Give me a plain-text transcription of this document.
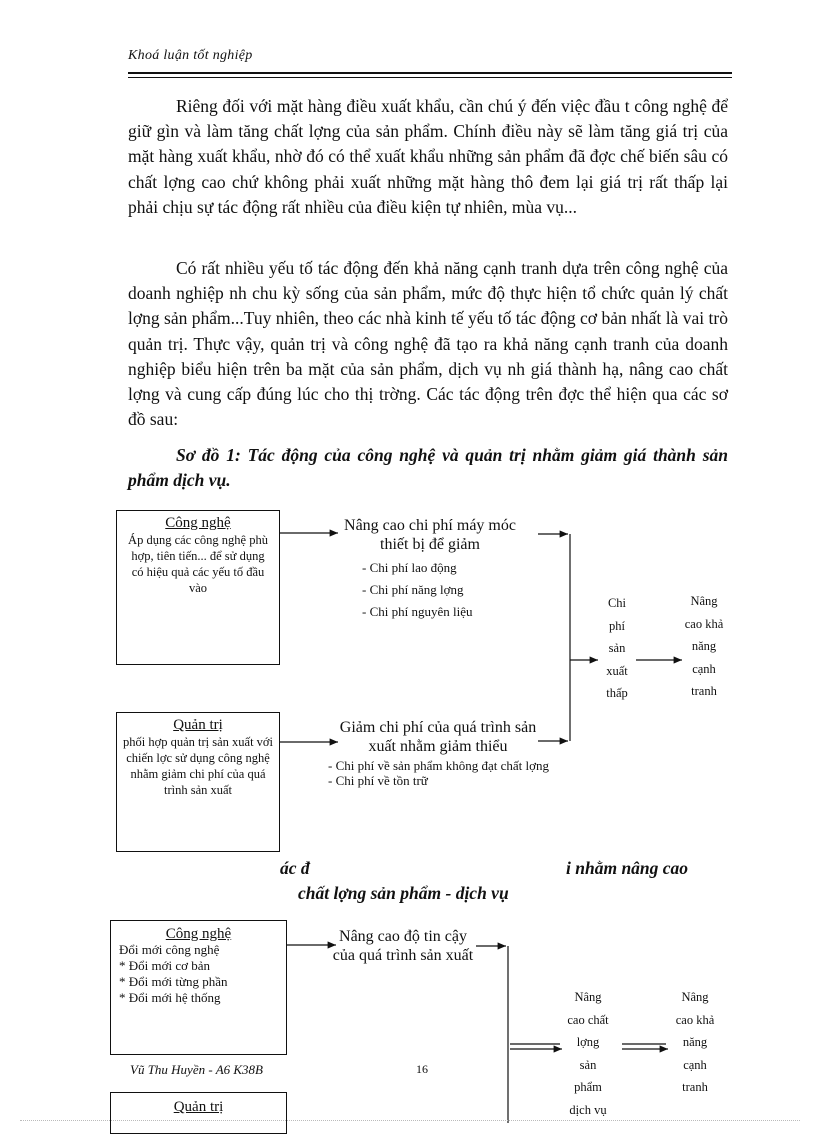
Khoá luận tốt nghiệp

Riêng đối với mặt hàng điều xuất khẩu, cần chú ý đến việc đầu t công nghệ để giữ gìn và làm tăng chất lợng của sản phẩm. Chính điều này sẽ làm tăng giá trị của mặt hàng xuất khẩu, nhờ đó có thể xuất khẩu những sản phẩm đã đợc chế biến sâu có chất lợng cao chứ không phải xuất những mặt hàng thô đem lại giá trị rất thấp lại phải chịu sự tác động rất nhiều của điều kiện tự nhiên, mùa vụ...

Có rất nhiều yếu tố tác động đến khả năng cạnh tranh dựa trên công nghệ của doanh nghiệp nh chu kỳ sống của sản phẩm, mức độ thực hiện tổ chức quản lý chất lợng sản phẩm...Tuy nhiên, theo các nhà kinh tế yếu tố tác động cơ bản nhất là vai trò quản trị. Thực vậy, quản trị và công nghệ đã tạo ra khả năng cạnh tranh của doanh nghiệp biểu hiện trên ba mặt của sản phẩm, dịch vụ nh giá thành hạ, nâng cao chất lợng và cung cấp đúng lúc cho thị trờng. Các tác động trên đợc thể hiện qua các sơ đồ sau:

Sơ đồ 1: Tác động của công nghệ và quản trị nhằm giảm giá thành sản phẩm dịch vụ.

Công nghệ
Áp dụng các công nghệ phù hợp, tiên tiến... để sử dụng có hiệu quả các yếu tố đầu vào
Quản trị
phối hợp quản trị sản xuất với chiến lợc sử dụng công nghệ nhằm giảm chi phí của quá trình sản xuất
Nâng cao chi phí máy móc thiết bị để giảm
- Chi phí lao động
- Chi phí năng lợng
- Chi phí nguyên liệu
Giảm chi phí của quá trình sản xuất nhằm giảm thiểu
- Chi phí về sản phẩm không đạt chất lợng
- Chi phí về tồn trữ
Chi
phí
sản
xuất
thấp
Nâng
cao khả
năng
cạnh
tranh
ác đ	i nhằm nâng cao
chất lợng sản phẩm - dịch vụ
Công nghệ
Đổi mới công nghệ
* Đổi mới cơ bản
* Đổi mới từng phần
* Đổi mới hệ thống
Nâng cao độ tin cậy của quá trình sản xuất
Nâng
cao chất
lợng
sản
phẩm
dịch vụ
Nâng
cao khả
năng
cạnh
tranh
Vũ Thu Huyền - A6 K38B	16
Quản trị
